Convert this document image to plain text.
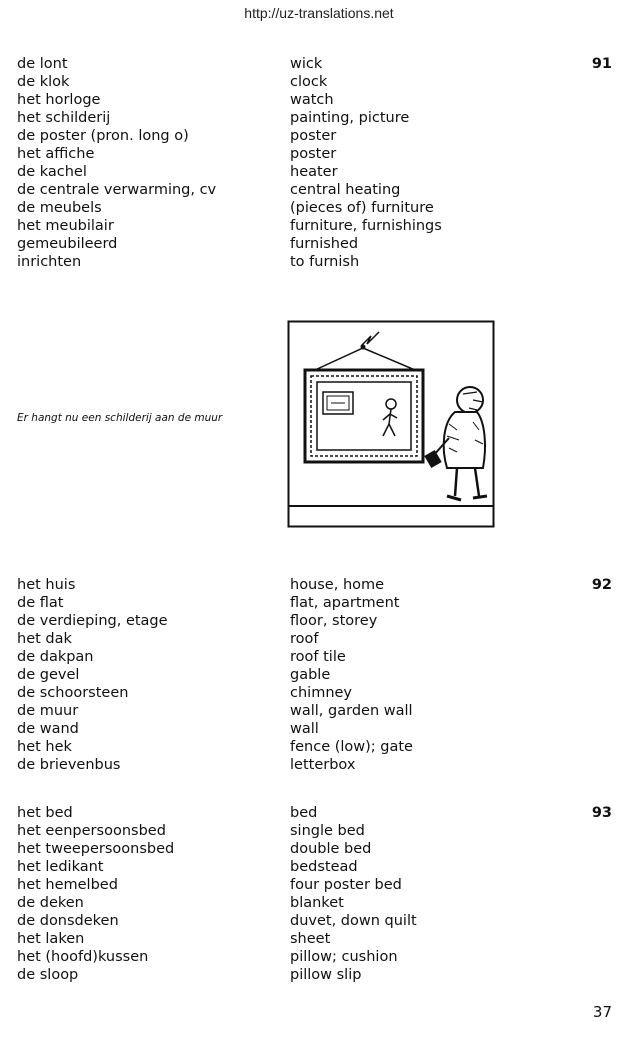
http://uz-translations.net
91
de lont	wick
de klok	clock
het horloge	watch
het schilderij	painting, picture
de poster (pron. long o)	poster
het affiche	poster
de kachel	heater
de centrale verwarming, cv	central heating
de meubels	(pieces of) furniture
het meubilair	furniture, furnishings
gemeubileerd	furnished
inrichten	to furnish
Er hangt nu een schilderij aan de muur
92
het huis	house, home
de flat	flat, apartment
de verdieping, etage	floor, storey
het dak	roof
de dakpan	roof tile
de gevel	gable
de schoorsteen	chimney
de muur	wall, garden wall
de wand	wall
het hek	fence (low); gate
de brievenbus	letterbox
93
het bed	bed
het eenpersoonsbed	single bed
het tweepersoonsbed	double bed
het ledikant	bedstead
het hemelbed	four poster bed
de deken	blanket
de donsdeken	duvet, down quilt
het laken	sheet
het (hoofd)kussen	pillow; cushion
de sloop	pillow slip
37
